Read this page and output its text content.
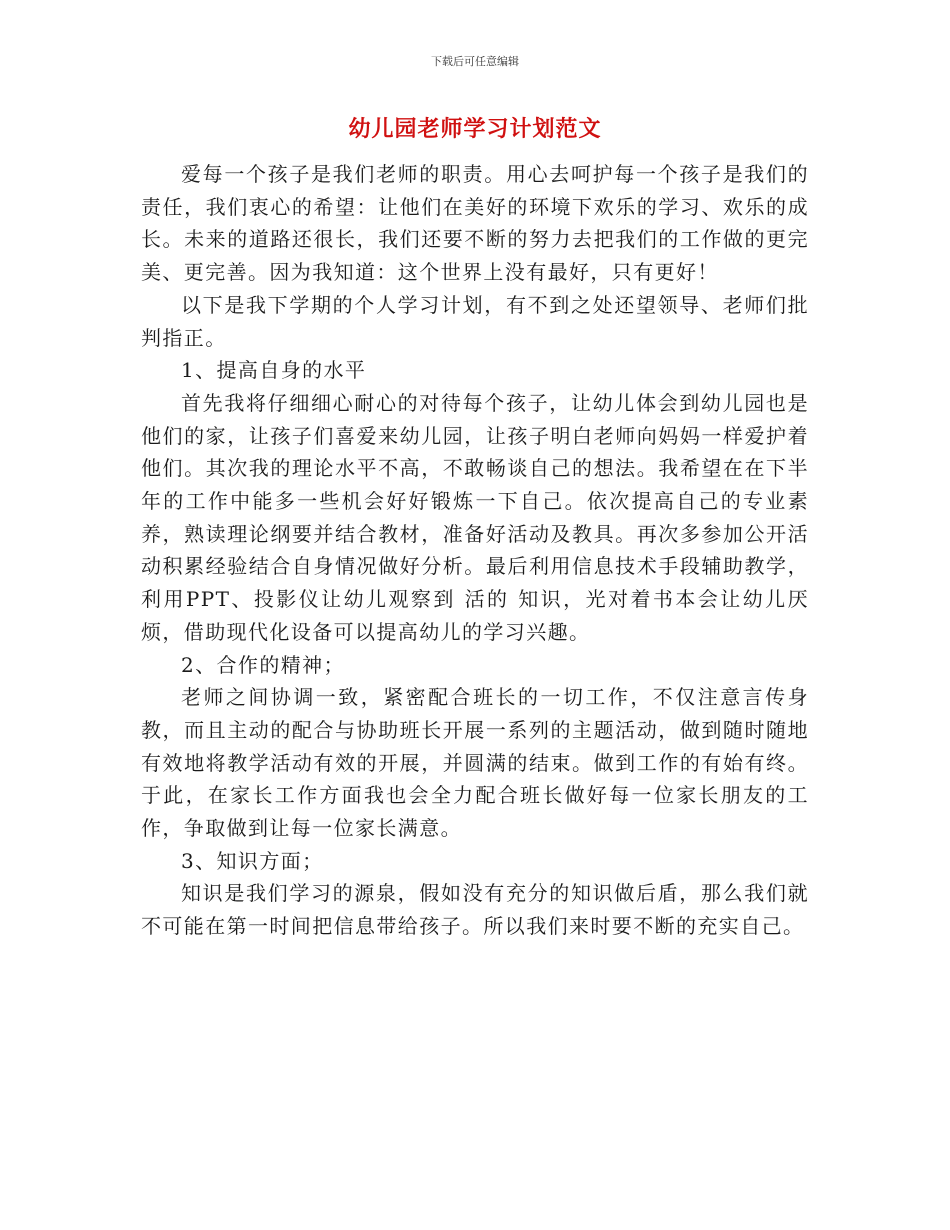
下载后可任意编辑
幼儿园老师学习计划范文

爱每一个孩子是我们老师的职责。用心去呵护每一个孩子是我们的责任，我们衷心的希望：让他们在美好的环境下欢乐的学习、欢乐的成长。未来的道路还很长，我们还要不断的努力去把我们的工作做的更完美、更完善。因为我知道：这个世界上没有最好，只有更好！

以下是我下学期的个人学习计划，有不到之处还望领导、老师们批判指正。

1、提高自身的水平

首先我将仔细细心耐心的对待每个孩子，让幼儿体会到幼儿园也是他们的家，让孩子们喜爱来幼儿园，让孩子明白老师向妈妈一样爱护着他们。其次我的理论水平不高，不敢畅谈自己的想法。我希望在在下半年的工作中能多一些机会好好锻炼一下自己。依次提高自己的专业素养，熟读理论纲要并结合教材，准备好活动及教具。再次多参加公开活动积累经验结合自身情况做好分析。最后利用信息技术手段辅助教学，利用PPT、投影仪让幼儿观察到 活的 知识，光对着书本会让幼儿厌烦，借助现代化设备可以提高幼儿的学习兴趣。

2、合作的精神；

老师之间协调一致，紧密配合班长的一切工作，不仅注意言传身教，而且主动的配合与协助班长开展一系列的主题活动，做到随时随地有效地将教学活动有效的开展，并圆满的结束。做到工作的有始有终。于此，在家长工作方面我也会全力配合班长做好每一位家长朋友的工作，争取做到让每一位家长满意。

3、知识方面；

知识是我们学习的源泉，假如没有充分的知识做后盾，那么我们就不可能在第一时间把信息带给孩子。所以我们来时要不断的充实自己。
